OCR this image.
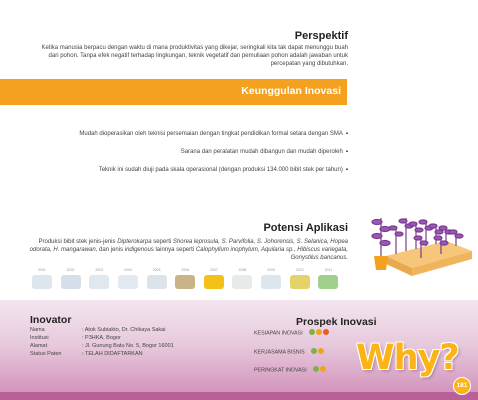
Perspektif
Ketika manusia berpacu dengan waktu di mana produktivitas yang dikejar, seringkali kita tak dapat menunggu buah dari pohon. Tanpa efek negatif terhadap lingkungan, teknik vegetatif dan pemuliaan pohon adalah jawaban untuk percepatan yang dibutuhkan.
Keunggulan Inovasi
Mudah dioperasikan oleh teknisi persemaian dengan tingkat pendidikan formal setara dengan SMA ▪
Sarana dan peralatan mudah dibangun dan mudah diperoleh ▪
Teknik ini sudah diuji pada skala operasional (dengan produksi 134.000 bibit stek per tahun) ▪
Potensi Aplikasi
Produksi bibit stek jenis-jenis Dipterokarpa seperti Shorea leprosula, S. Parvifolia, S. Johorensis, S. Selanica, Hopea odorata, H. mangarawan, dan jenis indigenous lainnya seperti Calophyllum inophylum, Aquilaria sp., Hibiscus variegata, Gonystilus bancanus.
2001	2002	2003	2004	2005	2006	2007	2008	2009	2010	2011
Inovator
Nama	: Atok Subiakto, Dr. Chikaya Sakai
Institusi	: P3HKA, Bogor
Alamat	: Jl. Gunung Batu No. 5, Bogor 16001
Status Paten	: TELAH DIDAFTARKAN
Prospek Inovasi
KESIAPAN INOVASI
KERJASAMA BISNIS
PERINGKAT INOVASI	Why?
181
